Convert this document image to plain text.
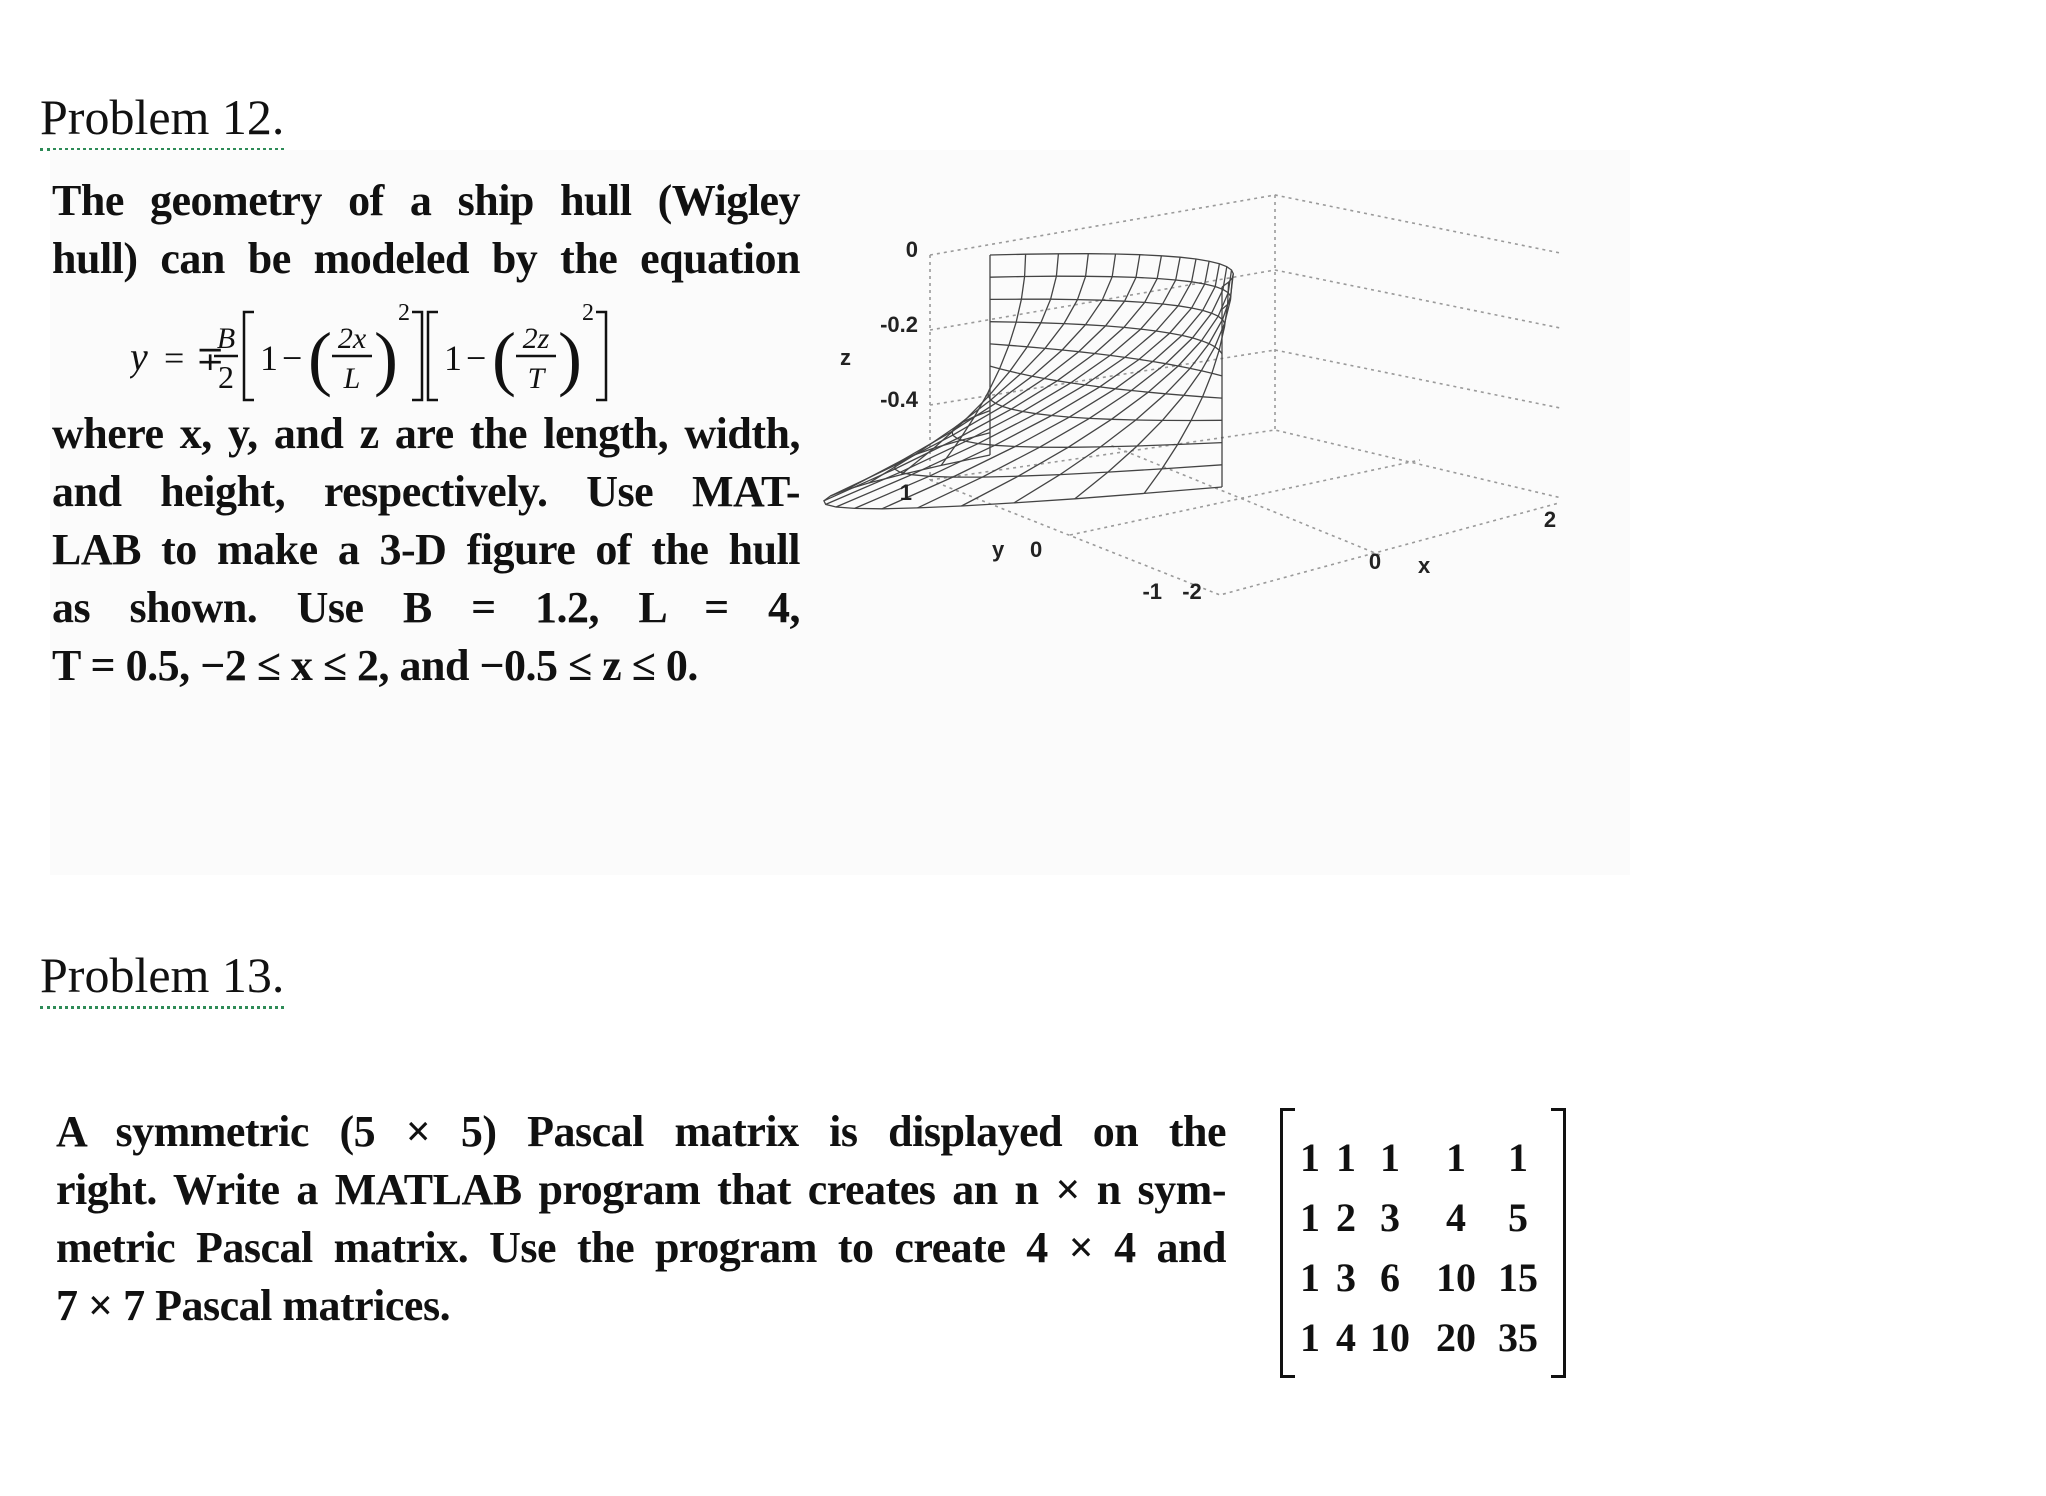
Problem 12.
The geometry of a ship hull (Wigley
hull) can be modeled by the equation
y = ∓
B
2 1 − ( 2x
L )
2
1 − ( 2z
T )
2
where x, y, and z are the length, width,
and height, respectively. Use MAT-
LAB to make a 3-D figure of the hull
as shown. Use B = 1.2, L = 4,
T = 0.5, −2 ≤ x ≤ 2, and −0.5 ≤ z ≤ 0.
0
-0.2
-0.4
z
1
0
y
-1 -2
0 x
2
Problem 13.
A symmetric (5 × 5) Pascal matrix is displayed on the
right. Write a MATLAB program that creates an n × n sym-
metric Pascal matrix. Use the program to create 4 × 4 and
7 × 7 Pascal matrices.
1 1 1	1	1
1 2 3	4	5
1 3 6 10 15
1 4 10 20 35
